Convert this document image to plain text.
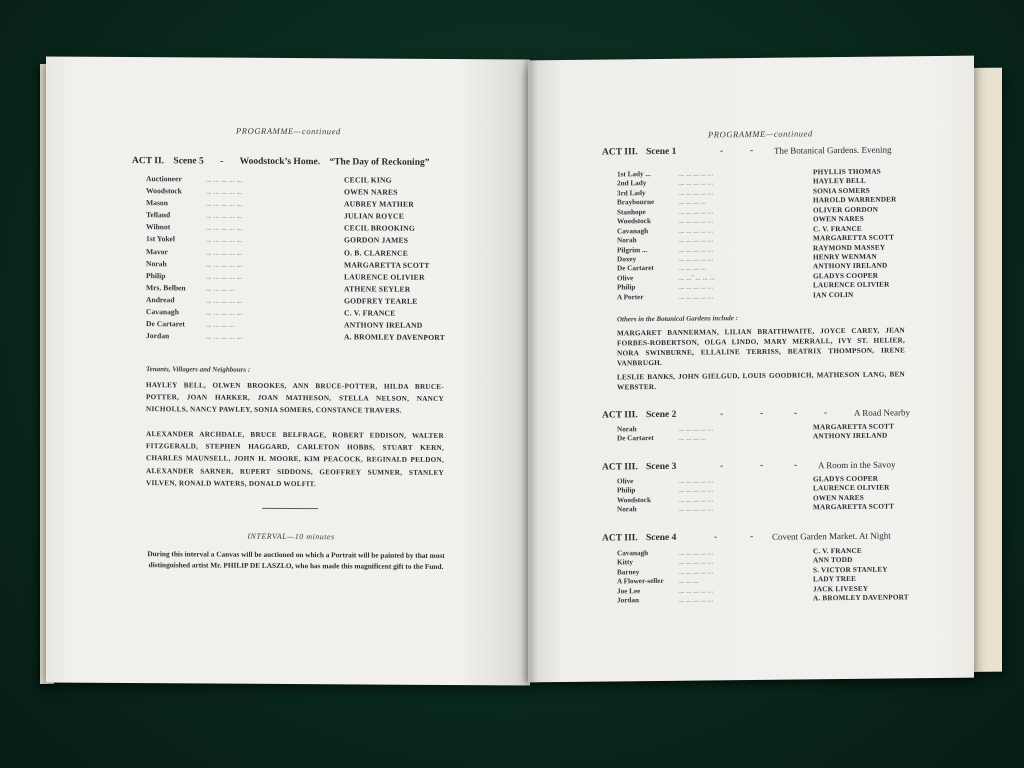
PROGRAMME—continued
ACT II. Scene 5 - Woodstock’s Home. “The Day of Reckoning”
Auctioneer	... ... ... ... ...	CECIL KING
Woodstock	... ... ... ... ...	OWEN NARES
Mason	... ... ... ... ...	AUBREY MATHER
Telland	... ... ... ... ...	JULIAN ROYCE
Wilmot	... ... ... ... ...	CECIL BROOKING
1st Yokel	... ... ... ... ...	GORDON JAMES
Mavor	... ... ... ... ...	O. B. CLARENCE
Norah	... ... ... ... ...	MARGARETTA SCOTT
Philip	... ... ... ... ...	LAURENCE OLIVIER
Mrs. Belben	... ... ... ...	ATHENE SEYLER
Andread	... ... ... ... ...	GODFREY TEARLE
Cavanagh	... ... ... ... ...	C. V. FRANCE
De Cartaret	... ... ... ...	ANTHONY IRELAND
Jordan	... ... ... ... ...	A. BROMLEY DAVENPORT
Tenants, Villagers and Neighbours :
HAYLEY BELL, OLWEN BROOKES, ANN BRUCE-POTTER, HILDA BRUCE-POTTER, JOAN HARKER, JOAN MATHESON, STELLA NELSON, NANCY NICHOLLS, NANCY PAWLEY, SONIA SOMERS, CONSTANCE TRAVERS.
ALEXANDER ARCHDALE, BRUCE BELFRAGE, ROBERT EDDISON, WALTER FITZGERALD, STEPHEN HAGGARD, CARLETON HOBBS, STUART KERN, CHARLES MAUNSELL, JOHN H. MOORE, KIM PEACOCK, REGINALD PELDON, ALEXANDER SARNER, RUPERT SIDDONS, GEOFFREY SUMNER, STANLEY VILVEN, RONALD WATERS, DONALD WOLFIT.
INTERVAL—10 minutes
During this interval a Canvas will be auctioned on which a Portrait will be painted by that most distinguished artist Mr. PHILIP DE LASZLO, who has made this magnificent gift to the Fund.
PROGRAMME—continued
ACT III. Scene 1	-	- The Botanical Gardens. Evening
1st Lady ...	... ... ... ... ...	PHYLLIS THOMAS
2nd Lady	... ... ... ... ...	HAYLEY BELL
3rd Lady	... ... ... ... ...	SONIA SOMERS
Braybourne	... ... ... ...	HAROLD WARRENDER
Stanhope	... ... ... ... ...	OLIVER GORDON
Woodstock	... ... ... ... ...	OWEN NARES
Cavanagh	... ... ... ... ...	C. V. FRANCE
Norah	... ... ... ... ...	MARGARETTA SCOTT
Pilgrim ...	... ... ... ... ...	RAYMOND MASSEY
Doxey	... ... ... ... ...	HENRY WENMAN
De Cartaret	... ... ... ...	ANTHONY IRELAND
Olive	... ...’ ... ... ...	GLADYS COOPER
Philip	... ... ... ... ...	LAURENCE OLIVIER
A Porter	... ... ... ... ...	IAN COLIN
Others in the Botanical Gardens include :
MARGARET BANNERMAN, LILIAN BRAITHWAITE, JOYCE CAREY, JEAN FORBES-ROBERTSON, OLGA LINDO, MARY MERRALL, IVY ST. HELIER, NORA SWINBURNE, ELLALINE TERRISS, BEATRIX THOMPSON, IRENE VANBRUGH.
LESLIE BANKS, JOHN GIELGUD, LOUIS GOODRICH, MATHESON LANG, BEN WEBSTER.
ACT III. Scene 2	-	-	-	-	A Road Nearby
Norah	... ... ... ... ...	MARGARETTA SCOTT
De Cartaret	... ... ... ...	ANTHONY IRELAND
ACT III. Scene 3	-	-	- A Room in the Savoy
Olive	... ... ... ... ...	GLADYS COOPER
Philip	... ... ... ... ...	LAURENCE OLIVIER
Woodstock	... ... ... ... ...	OWEN NARES
Norah	... ... ... ... ...	MARGARETTA SCOTT
ACT III. Scene 4	-	- Covent Garden Market. At Night
Cavanagh	... ... ... ... ...	C. V. FRANCE
Kitty	... ... ... ... ...	ANN TODD
Barney	... ... ... ... ...	S. VICTOR STANLEY
A Flower-seller ... ... ...	LADY TREE
Joe Lee	... ... ... ... ...	JACK LIVESEY
Jordan	... ... ... ... ...	A. BROMLEY DAVENPORT
